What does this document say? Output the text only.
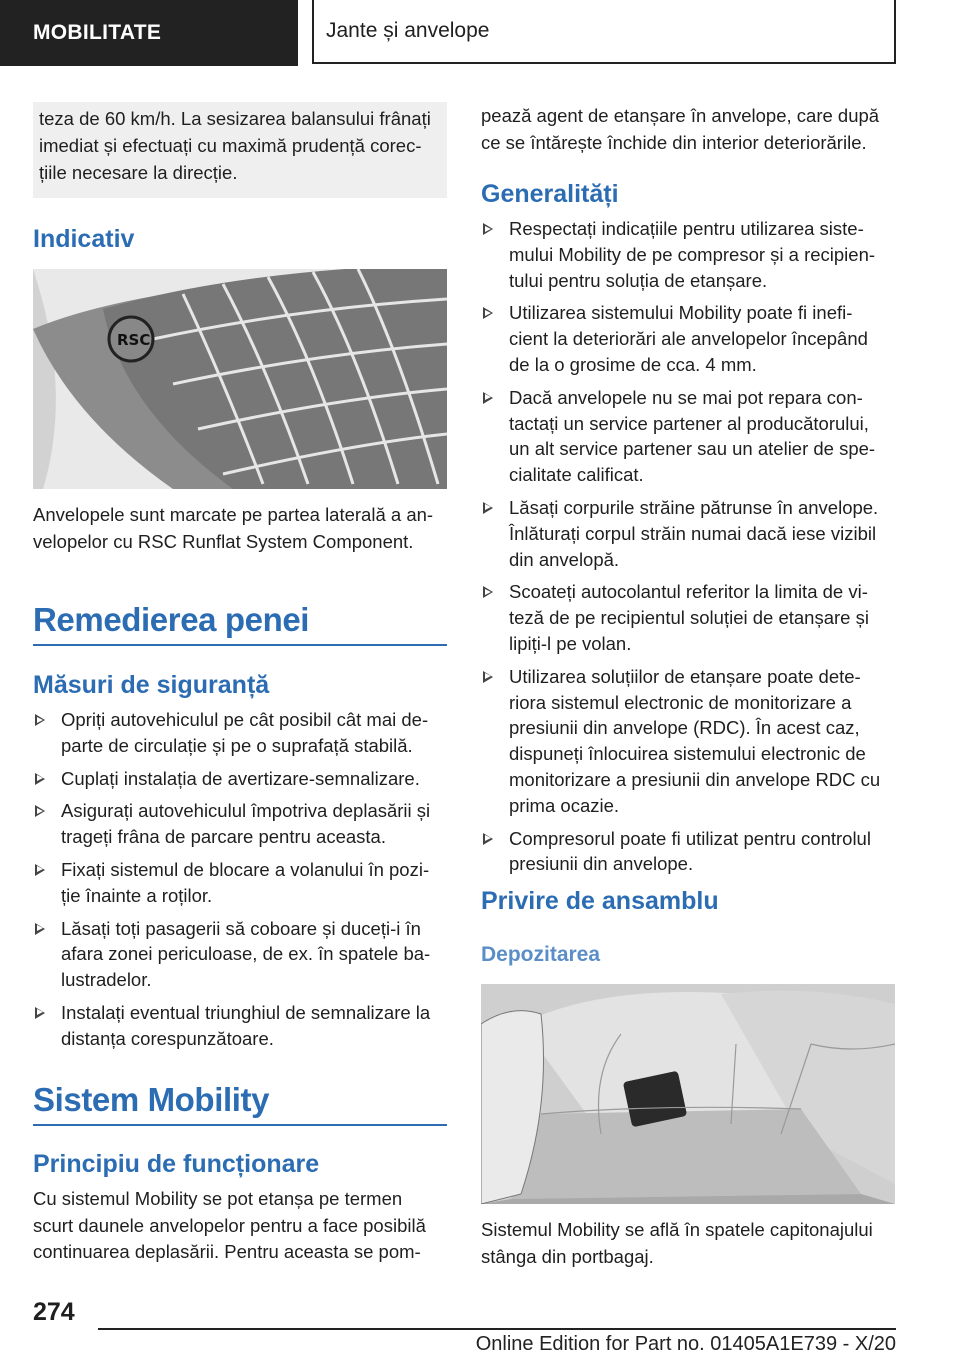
MOBILITATE	Jante și anvelope
teza de 60 km/h. La sesizarea balansului frânați
imediat și efectuați cu maximă prudență corec‐
țiile necesare la direcție.
Indicativ
RSC
Anvelopele sunt marcate pe partea laterală a an‐
velopelor cu RSC Runflat System Component.
Remedierea penei
Măsuri de siguranță
Opriți autovehiculul pe cât posibil cât mai de‐
parte de circulație și pe o suprafață stabilă.
Cuplați instalația de avertizare-semnalizare.
Asigurați autovehiculul împotriva deplasării și
trageți frâna de parcare pentru aceasta.
Fixați sistemul de blocare a volanului în pozi‐
ție înainte a roților.
Lăsați toți pasagerii să coboare și duceți-i în
afara zonei periculoase, de ex. în spatele ba‐
lustradelor.
Instalați eventual triunghiul de semnalizare la
distanța corespunzătoare.
Sistem Mobility
Principiu de funcționare
Cu sistemul Mobility se pot etanșa pe termen
scurt daunele anvelopelor pentru a face posibilă
continuarea deplasării. Pentru aceasta se pom‐
pează agent de etanșare în anvelope, care după
ce se întărește închide din interior deteriorările.
Generalități
Respectați indicațiile pentru utilizarea siste‐
mului Mobility de pe compresor și a recipien‐
tului pentru soluția de etanșare.
Utilizarea sistemului Mobility poate fi inefi‐
cient la deteriorări ale anvelopelor începând
de la o grosime de cca. 4 mm.
Dacă anvelopele nu se mai pot repara con‐
tactați un service partener al producătorului,
un alt service partener sau un atelier de spe‐
cialitate calificat.
Lăsați corpurile străine pătrunse în anvelope.
Înlăturați corpul străin numai dacă iese vizibil
din anvelopă.
Scoateți autocolantul referitor la limita de vi‐
teză de pe recipientul soluției de etanșare și
lipiți-l pe volan.
Utilizarea soluțiilor de etanșare poate dete‐
riora sistemul electronic de monitorizare a
presiunii din anvelope (RDC). În acest caz,
dispuneți înlocuirea sistemului electronic de
monitorizare a presiunii din anvelope RDC cu
prima ocazie.
Compresorul poate fi utilizat pentru controlul
presiunii din anvelope.
Privire de ansamblu
Depozitarea
Sistemul Mobility se află în spatele capitonajului
stânga din portbagaj.
274
Online Edition for Part no. 01405A1E739 - X/20
